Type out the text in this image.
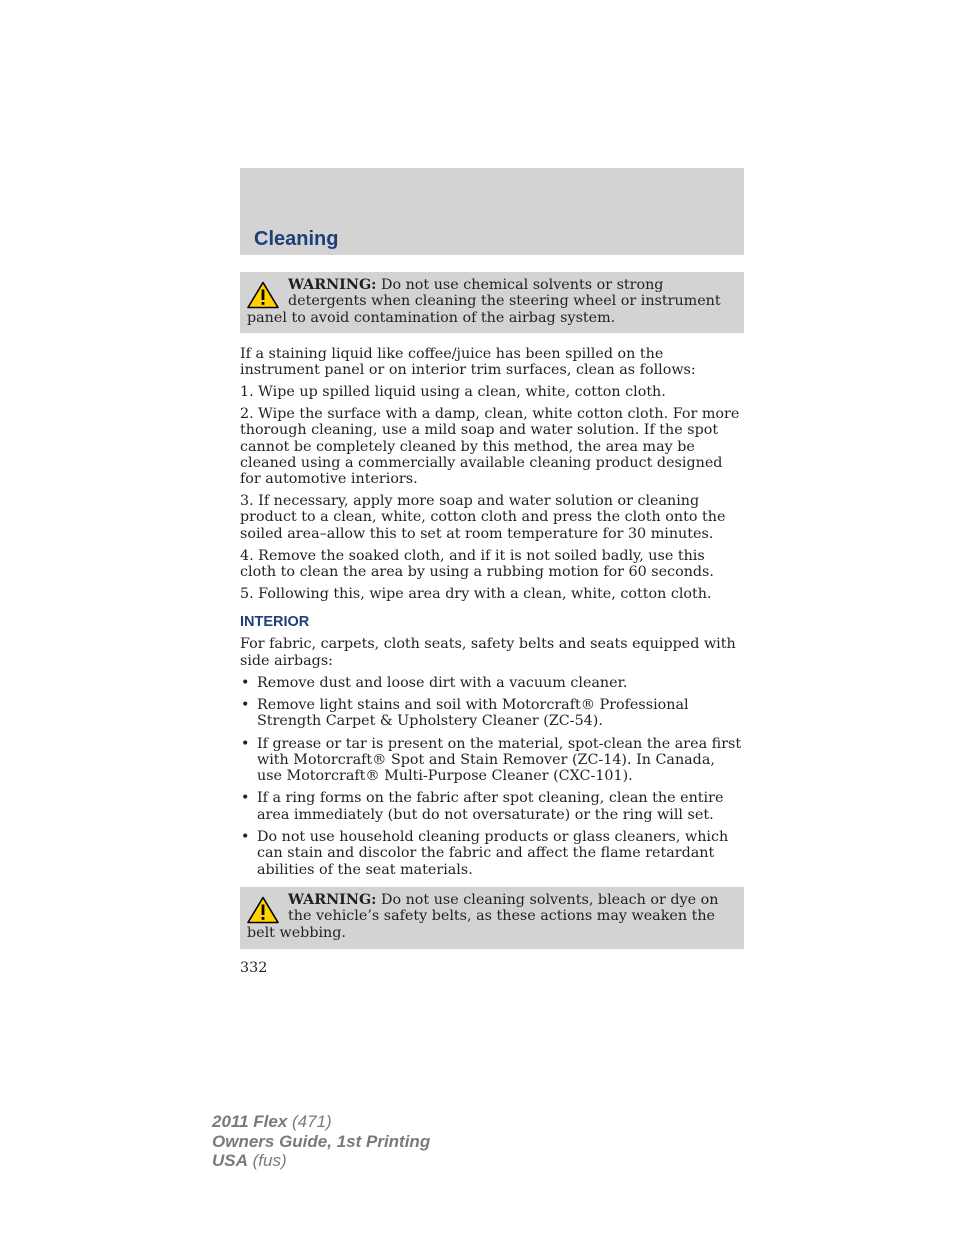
Cleaning
WARNING: Do not use chemical solvents or strong detergents when cleaning the steering wheel or instrument panel to avoid contamination of the airbag system.

If a staining liquid like coffee/juice has been spilled on the instrument panel or on interior trim surfaces, clean as follows:

1. Wipe up spilled liquid using a clean, white, cotton cloth.

2. Wipe the surface with a damp, clean, white cotton cloth. For more thorough cleaning, use a mild soap and water solution. If the spot cannot be completely cleaned by this method, the area may be cleaned using a commercially available cleaning product designed for automotive interiors.

3. If necessary, apply more soap and water solution or cleaning product to a clean, white, cotton cloth and press the cloth onto the soiled area–allow this to set at room temperature for 30 minutes.

4. Remove the soaked cloth, and if it is not soiled badly, use this cloth to clean the area by using a rubbing motion for 60 seconds.

5. Following this, wipe area dry with a clean, white, cotton cloth.

INTERIOR

For fabric, carpets, cloth seats, safety belts and seats equipped with side airbags:

• Remove dust and loose dirt with a vacuum cleaner.
• Remove light stains and soil with Motorcraft® Professional Strength Carpet & Upholstery Cleaner (ZC-54).
• If grease or tar is present on the material, spot-clean the area first with Motorcraft® Spot and Stain Remover (ZC-14). In Canada, use Motorcraft® Multi-Purpose Cleaner (CXC-101).
• If a ring forms on the fabric after spot cleaning, clean the entire area immediately (but do not oversaturate) or the ring will set.
• Do not use household cleaning products or glass cleaners, which can stain and discolor the fabric and affect the flame retardant abilities of the seat materials.
WARNING: Do not use cleaning solvents, bleach or dye on the vehicle’s safety belts, as these actions may weaken the belt webbing.
332
2011 Flex (471)
Owners Guide, 1st Printing
USA (fus)
